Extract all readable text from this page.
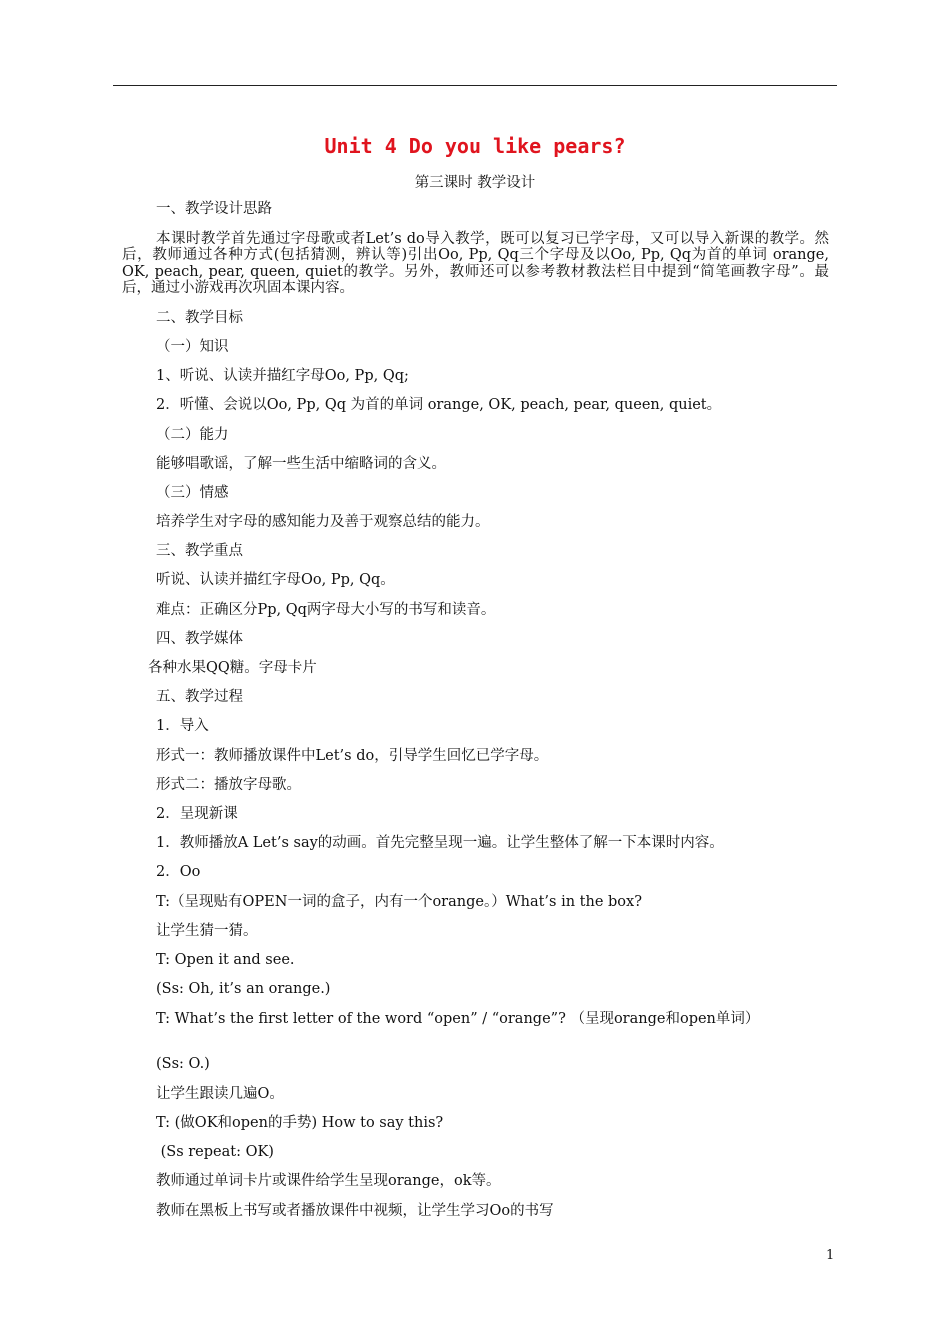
Unit 4 Do you like pears?
第三课时 教学设计
一、教学设计思路
本课时教学首先通过字母歌或者Let’s do导入教学，既可以复习已学字母，又可以导入新课的教学。然后，教师通过各种方式(包括猜测，辨认等)引出Oo, Pp, Qq三个字母及以Oo, Pp, Qq为首的单词 orange, OK, peach, pear, queen, quiet的教学。另外，教师还可以参考教材教法栏目中提到“简笔画教字母”。最后，通过小游戏再次巩固本课内容。
二、教学目标
（一）知识
1、听说、认读并描红字母Oo, Pp, Qq;
2．听懂、会说以Oo, Pp, Qq 为首的单词 orange, OK, peach, pear, queen, quiet。
（二）能力
能够唱歌谣，了解一些生活中缩略词的含义。
（三）情感
培养学生对字母的感知能力及善于观察总结的能力。
三、教学重点
听说、认读并描红字母Oo, Pp, Qq。
难点：正确区分Pp, Qq两字母大小写的书写和读音。
四、教学媒体
各种水果QQ糖。字母卡片
五、教学过程
1．导入
形式一：教师播放课件中Let’s do，引导学生回忆已学字母。
形式二：播放字母歌。
2．呈现新课
1．教师播放A Let’s say的动画。首先完整呈现一遍。让学生整体了解一下本课时内容。
2．Oo
T:（呈现贴有OPEN一词的盒子，内有一个orange。）What’s in the box?
让学生猜一猜。
T: Open it and see.
(Ss: Oh, it’s an orange.)
T: What’s the first letter of the word “open” / “orange”? （呈现orange和open单词）
(Ss: O.)
让学生跟读几遍O。
T: (做OK和open的手势) How to say this?
(Ss repeat: OK)
教师通过单词卡片或课件给学生呈现orange，ok等。
教师在黑板上书写或者播放课件中视频，让学生学习Oo的书写
1
